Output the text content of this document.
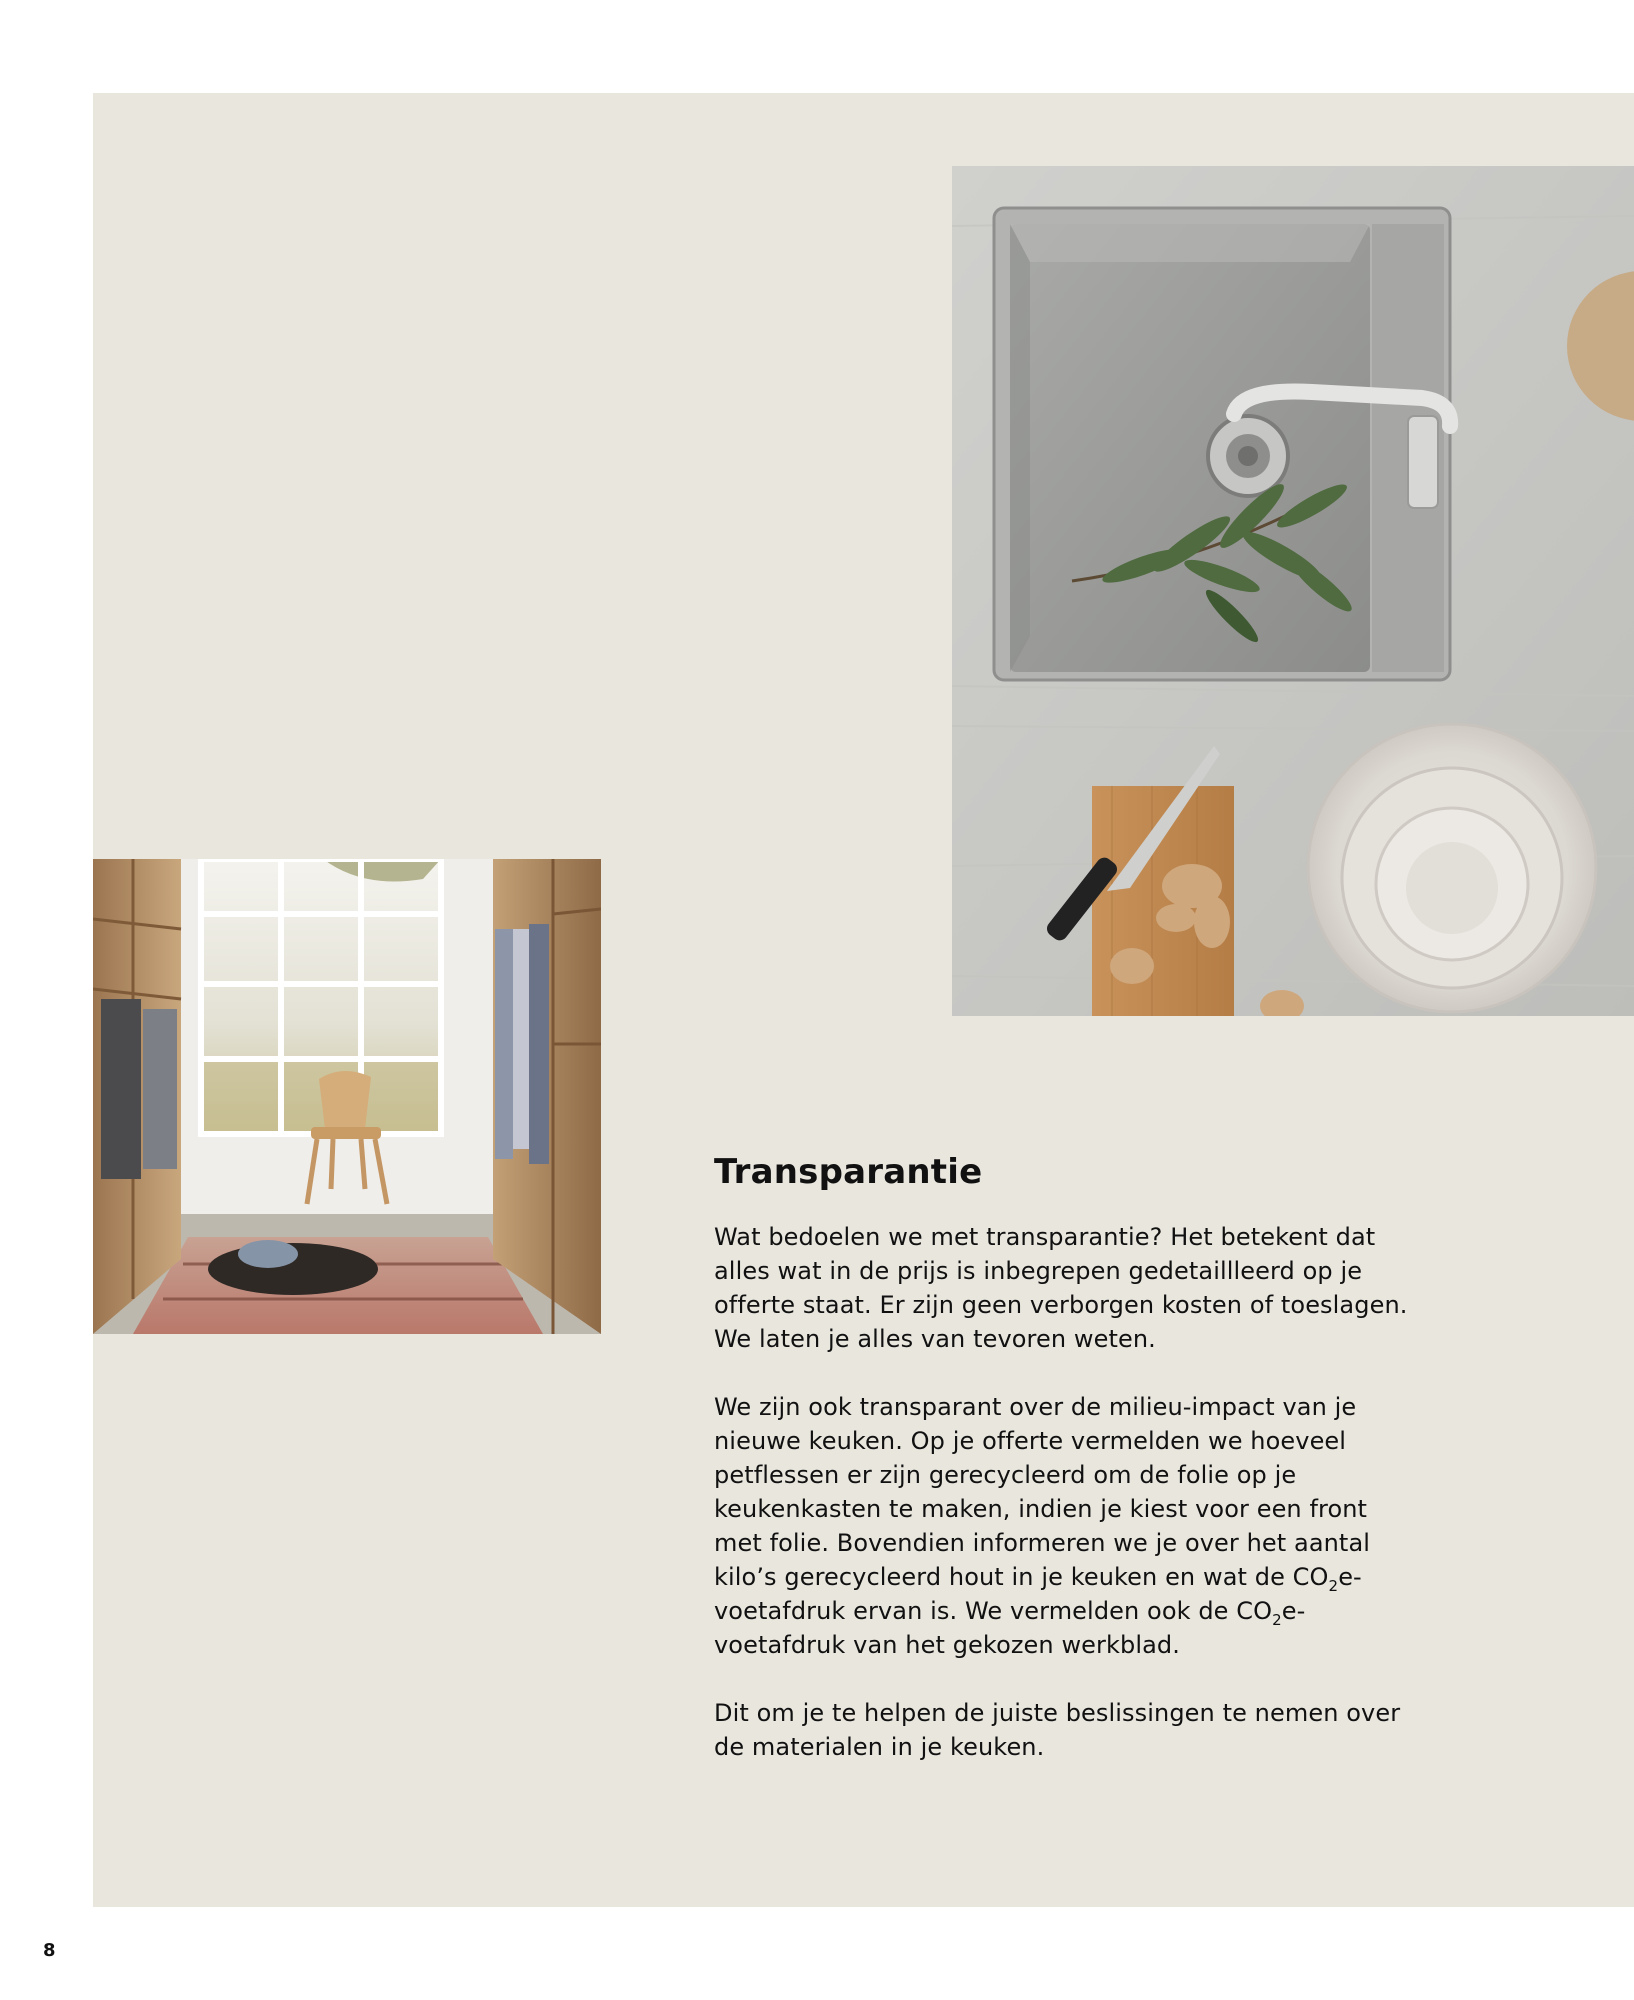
Transparantie

Wat bedoelen we met transparantie? Het betekent dat alles wat in de prijs is inbegrepen gedetaillleerd op je offerte staat. Er zijn geen verborgen kosten of toeslagen. We laten je alles van tevoren weten.

We zijn ook transparant over de milieu-impact van je nieuwe keuken. Op je offerte vermelden we hoeveel petflessen er zijn gerecycleerd om de folie op je keukenkasten te maken, indien je kiest voor een front met folie. Bovendien informeren we je over het aantal kilo’s gerecycleerd hout in je keuken en wat de $CO_2e$-voetafdruk ervan is. We vermelden ook de $CO_2e$-voetafdruk van het gekozen werkblad.

Dit om je te helpen de juiste beslissingen te nemen over de materialen in je keuken.

8
